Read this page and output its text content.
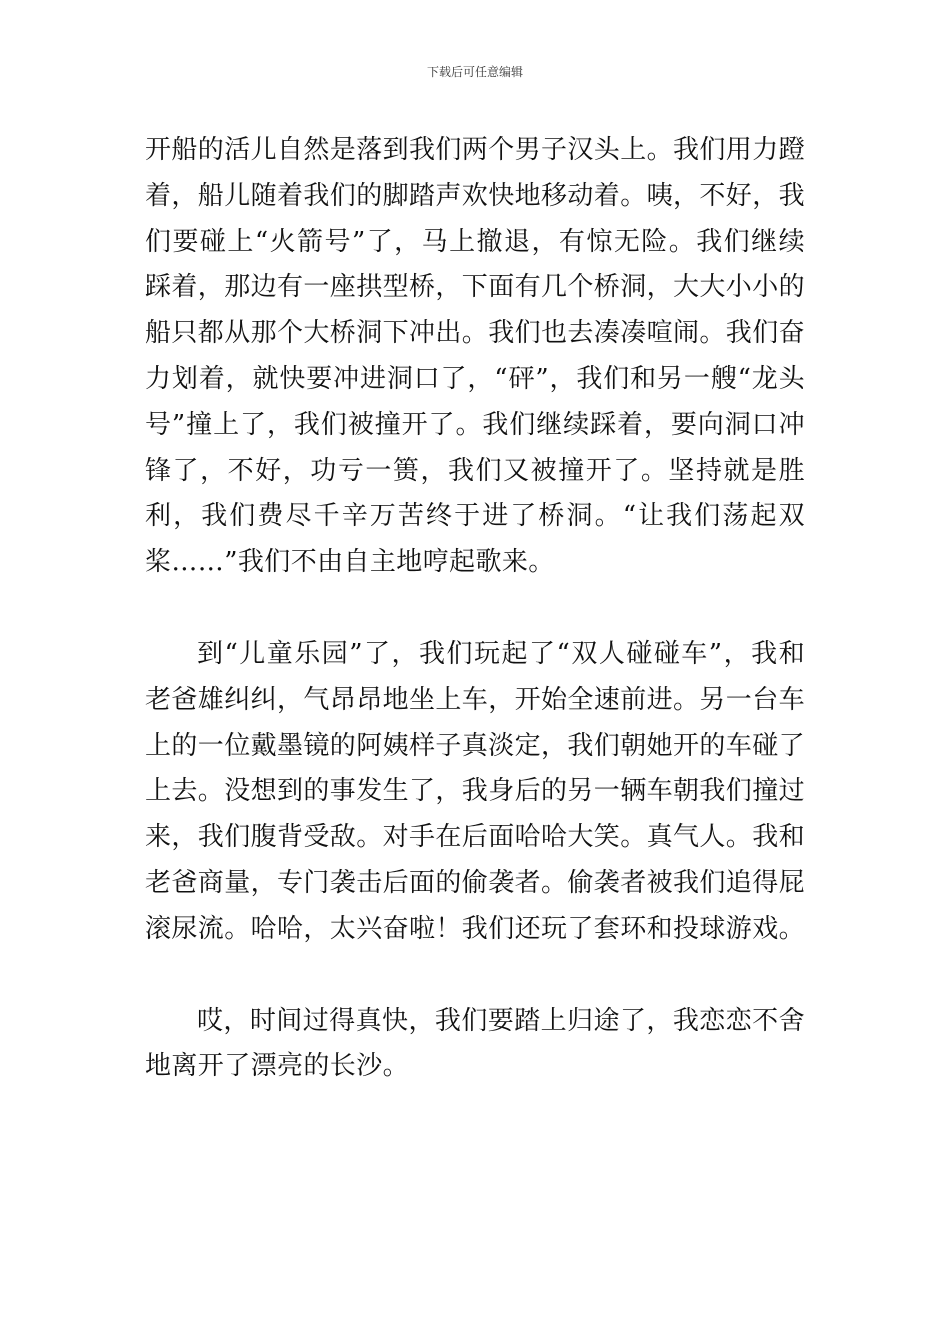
下载后可任意编辑

开船的活儿自然是落到我们两个男子汉头上。我们用力蹬着，船儿随着我们的脚踏声欢快地移动着。咦，不好，我们要碰上“火箭号”了，马上撤退，有惊无险。我们继续踩着，那边有一座拱型桥，下面有几个桥洞，大大小小的船只都从那个大桥洞下冲出。我们也去凑凑喧闹。我们奋力划着，就快要冲进洞口了，“砰”，我们和另一艘“龙头号”撞上了，我们被撞开了。我们继续踩着，要向洞口冲锋了，不好，功亏一篑，我们又被撞开了。坚持就是胜利，我们费尽千辛万苦终于进了桥洞。“让我们荡起双桨……”我们不由自主地哼起歌来。

到“儿童乐园”了，我们玩起了“双人碰碰车”，我和老爸雄纠纠，气昂昂地坐上车，开始全速前进。另一台车上的一位戴墨镜的阿姨样子真淡定，我们朝她开的车碰了上去。没想到的事发生了，我身后的另一辆车朝我们撞过来，我们腹背受敌。对手在后面哈哈大笑。真气人。我和老爸商量，专门袭击后面的偷袭者。偷袭者被我们追得屁滚尿流。哈哈，太兴奋啦！我们还玩了套环和投球游戏。

哎，时间过得真快，我们要踏上归途了，我恋恋不舍地离开了漂亮的长沙。
